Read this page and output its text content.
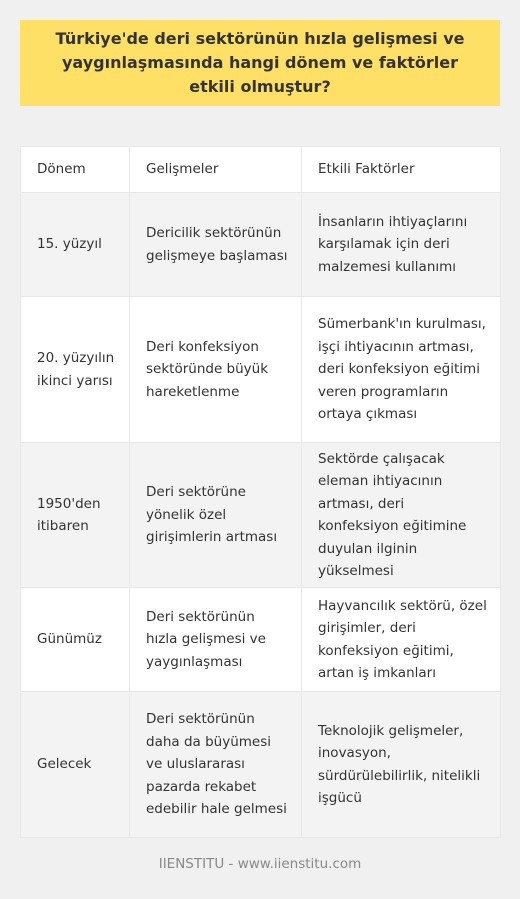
Türkiye'de deri sektörünün hızla gelişmesi ve yaygınlaşmasında hangi dönem ve faktörler etkili olmuştur?
Dönem	Gelişmeler	Etkili Faktörler
15. yüzyıl	Dericilik sektörünün gelişmeye başlaması	İnsanların ihtiyaçlarını karşılamak için deri malzemesi kullanımı
20. yüzyılın ikinci yarısı	Deri konfeksiyon sektöründe büyük hareketlenme	Sümerbank'ın kurulması, işçi ihtiyacının artması, deri konfeksiyon eğitimi veren programların ortaya çıkması
1950'den itibaren	Deri sektörüne yönelik özel girişimlerin artması	Sektörde çalışacak eleman ihtiyacının artması, deri konfeksiyon eğitimine duyulan ilginin yükselmesi
Günümüz	Deri sektörünün hızla gelişmesi ve yaygınlaşması	Hayvancılık sektörü, özel girişimler, deri konfeksiyon eğitimi, artan iş imkanları
Gelecek	Deri sektörünün daha da büyümesi ve uluslararası pazarda rekabet edebilir hale gelmesi	Teknolojik gelişmeler, inovasyon, sürdürülebilirlik, nitelikli işgücü
IIENSTITU - www.iienstitu.com
